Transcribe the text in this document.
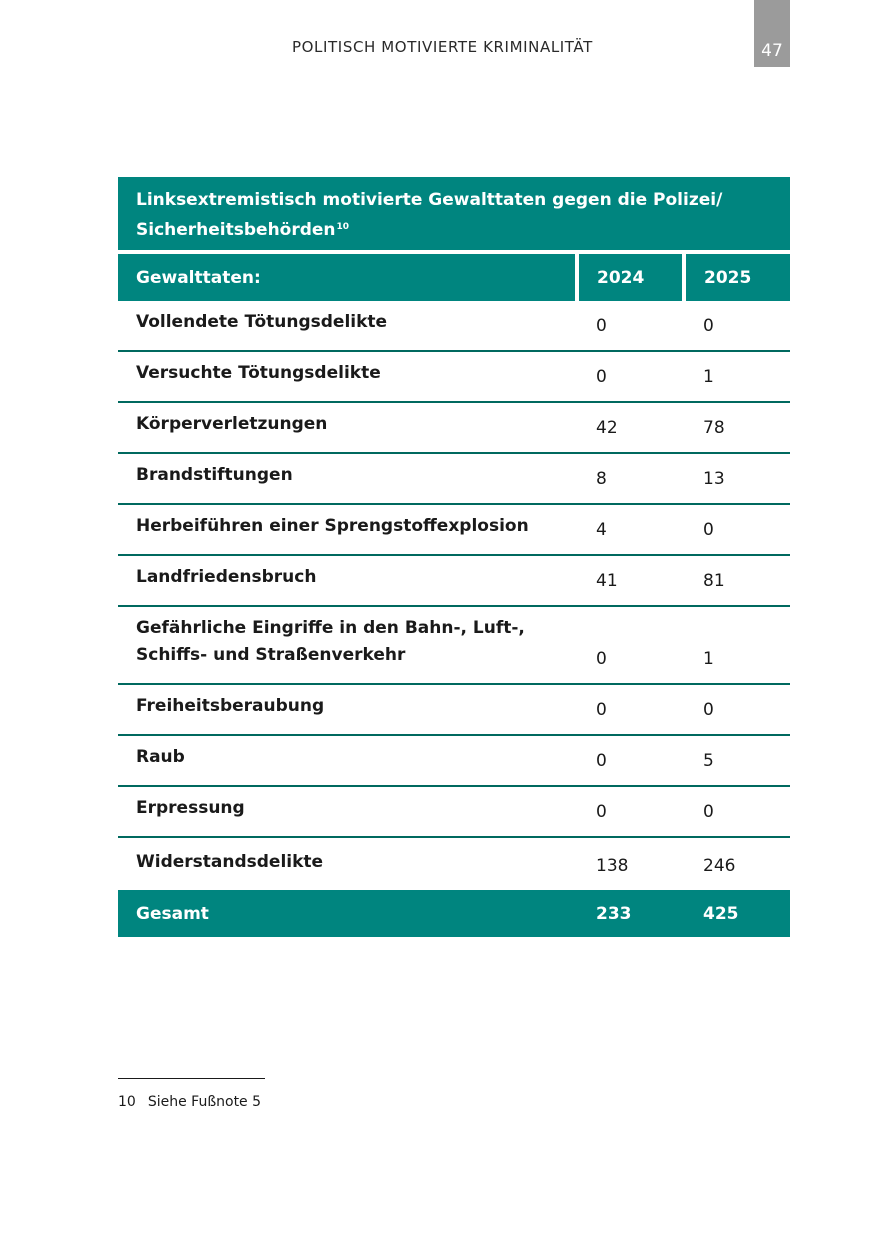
POLITISCH MOTIVIERTE KRIMINALITÄT	47
Linksextremistisch motivierte Gewalttaten gegen die Polizei/
Sicherheitsbehörden$^{10}$
Gewalttaten:	2024	2025
Vollendete Tötungsdelikte	0	0
Versuchte Tötungsdelikte	0	1
Körperverletzungen	42	78
Brandstiftungen	8	13
Herbeiführen einer Sprengstoffexplosion	4	0
Landfriedensbruch	41	81
Gefährliche Eingriffe in den Bahn-, Luft-,
Schiffs- und Straßenverkehr	0	1
Freiheitsberaubung	0	0
Raub	0	5
Erpressung	0	0
Widerstandsdelikte	138	246
Gesamt	233	425
10 Siehe Fußnote 5
